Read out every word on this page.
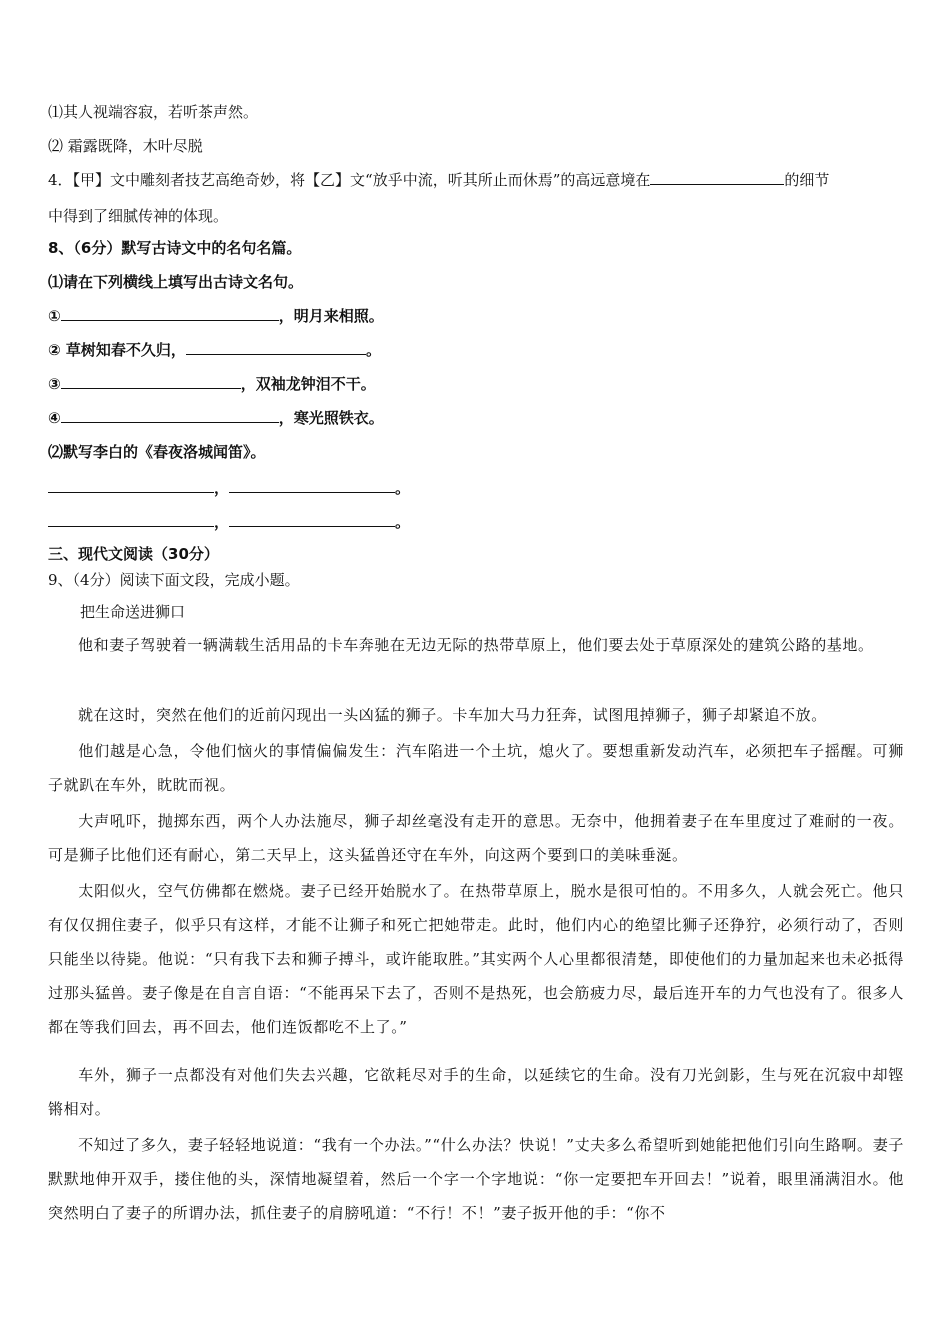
⑴其人视端容寂，若听茶声然。
⑵ 霜露既降，木叶尽脱
4．【甲】文中雕刻者技艺高绝奇妙，将【乙】文“放乎中流，听其所止而休焉”的高远意境在	的细节
中得到了细腻传神的体现。
8、（6分）默写古诗文中的名句名篇。
⑴请在下列横线上填写出古诗文名句。
①	，明月来相照。
② 草树知春不久归，	。
③	，双袖龙钟泪不干。
④	，寒光照铁衣。
⑵默写李白的《春夜洛城闻笛》。
，	。
，	。
三、现代文阅读（30分）
9、（4分）阅读下面文段，完成小题。
把生命送进狮口
他和妻子驾驶着一辆满载生活用品的卡车奔驰在无边无际的热带草原上，他们要去处于草原深处的建筑公路的基地。
就在这时，突然在他们的近前闪现出一头凶猛的狮子。卡车加大马力狂奔，试图甩掉狮子，狮子却紧追不放。
他们越是心急，令他们恼火的事情偏偏发生：汽车陷进一个土坑，熄火了。要想重新发动汽车，必须把车子摇醒。可狮子就趴在车外，眈眈而视。
大声吼吓，抛掷东西，两个人办法施尽，狮子却丝毫没有走开的意思。无奈中，他拥着妻子在车里度过了难耐的一夜。可是狮子比他们还有耐心，第二天早上，这头猛兽还守在车外，向这两个要到口的美味垂涎。
太阳似火，空气仿佛都在燃烧。妻子已经开始脱水了。在热带草原上，脱水是很可怕的。不用多久，人就会死亡。他只有仅仅拥住妻子，似乎只有这样，才能不让狮子和死亡把她带走。此时，他们内心的绝望比狮子还狰狞，必须行动了，否则只能坐以待毙。他说：“只有我下去和狮子搏斗，或许能取胜。”其实两个人心里都很清楚，即使他们的力量加起来也未必抵得过那头猛兽。妻子像是在自言自语：“不能再呆下去了，否则不是热死，也会筋疲力尽，最后连开车的力气也没有了。很多人都在等我们回去，再不回去，他们连饭都吃不上了。”
车外，狮子一点都没有对他们失去兴趣，它欲耗尽对手的生命，以延续它的生命。没有刀光剑影，生与死在沉寂中却铿锵相对。
不知过了多久，妻子轻轻地说道：“我有一个办法。”“什么办法？快说！”丈夫多么希望听到她能把他们引向生路啊。妻子默默地伸开双手，搂住他的头，深情地凝望着，然后一个字一个字地说：“你一定要把车开回去！”说着，眼里涌满泪水。他突然明白了妻子的所谓办法，抓住妻子的肩膀吼道：“不行！不！”妻子扳开他的手：“你不
